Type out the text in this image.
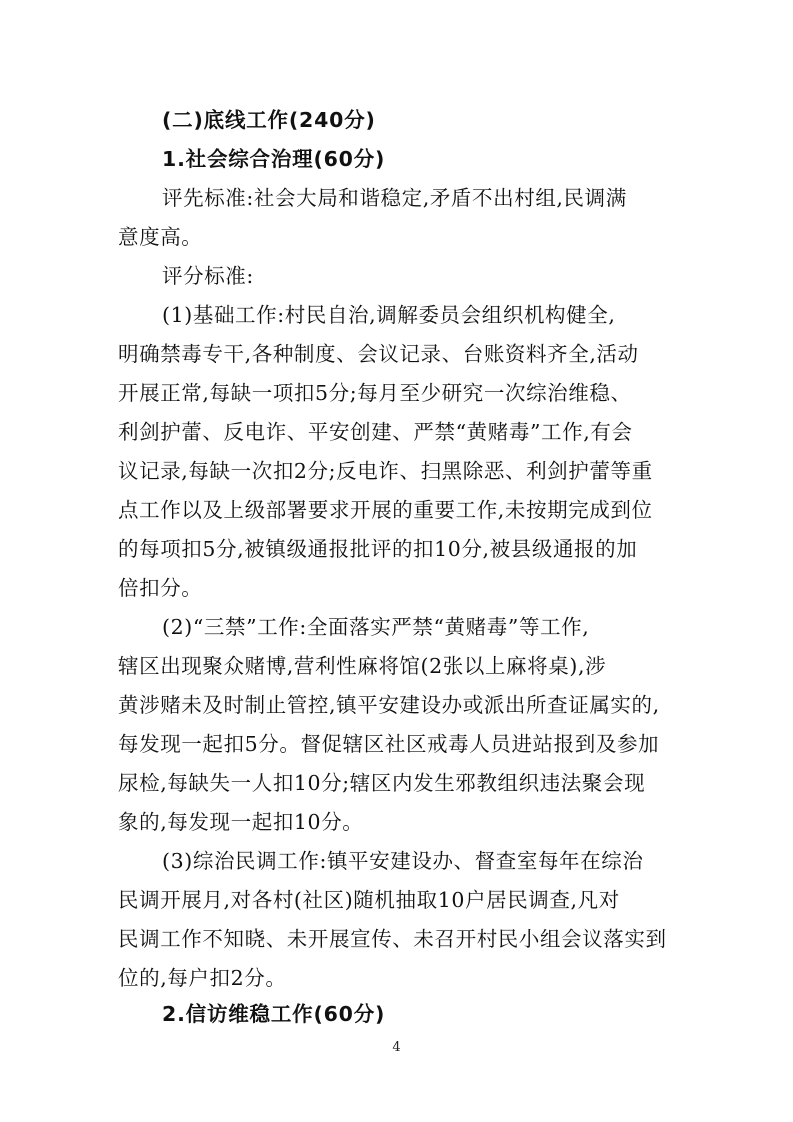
(二)底线工作(240分)
1.社会综合治理(60分)
评先标准:社会大局和谐稳定,矛盾不出村组,民调满
意度高。
评分标准:
(1)基础工作:村民自治,调解委员会组织机构健全,
明确禁毒专干,各种制度、会议记录、台账资料齐全,活动
开展正常,每缺一项扣5分;每月至少研究一次综治维稳、
利剑护蕾、反电诈、平安创建、严禁“黄赌毒”工作,有会
议记录,每缺一次扣2分;反电诈、扫黑除恶、利剑护蕾等重
点工作以及上级部署要求开展的重要工作,未按期完成到位
的每项扣5分,被镇级通报批评的扣10分,被县级通报的加
倍扣分。
(2)“三禁”工作:全面落实严禁“黄赌毒”等工作,
辖区出现聚众赌博,营利性麻将馆(2张以上麻将桌),涉
黄涉赌未及时制止管控,镇平安建设办或派出所查证属实的,
每发现一起扣5分。督促辖区社区戒毒人员进站报到及参加
尿检,每缺失一人扣10分;辖区内发生邪教组织违法聚会现
象的,每发现一起扣10分。
(3)综治民调工作:镇平安建设办、督查室每年在综治
民调开展月,对各村(社区)随机抽取10户居民调查,凡对
民调工作不知晓、未开展宣传、未召开村民小组会议落实到
位的,每户扣2分。
2.信访维稳工作(60分)
4
